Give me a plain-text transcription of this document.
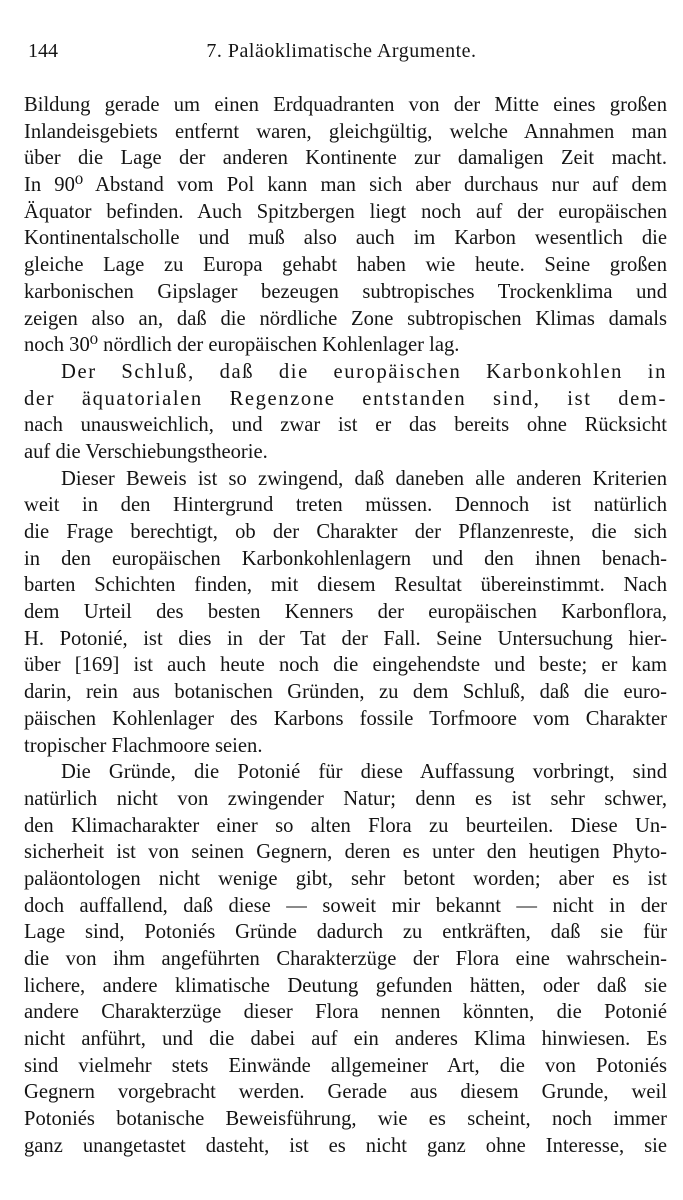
144	7. Paläoklimatische Argumente.
Bildung gerade um einen Erdquadranten von der Mitte eines großen
Inlandeisgebiets entfernt waren, gleichgültig, welche Annahmen man
über die Lage der anderen Kontinente zur damaligen Zeit macht.
In 90⁰ Abstand vom Pol kann man sich aber durchaus nur auf dem
Äquator befinden. Auch Spitzbergen liegt noch auf der europäischen
Kontinentalscholle und muß also auch im Karbon wesentlich die
gleiche Lage zu Europa gehabt haben wie heute. Seine großen
karbonischen Gipslager bezeugen subtropisches Trockenklima und
zeigen also an, daß die nördliche Zone subtropischen Klimas damals
noch 30⁰ nördlich der europäischen Kohlenlager lag.
Der Schluß, daß die europäischen Karbonkohlen in
der äquatorialen Regenzone entstanden sind, ist dem-
nach unausweichlich, und zwar ist er das bereits ohne Rücksicht
auf die Verschiebungstheorie.
Dieser Beweis ist so zwingend, daß daneben alle anderen Kriterien
weit in den Hintergrund treten müssen. Dennoch ist natürlich
die Frage berechtigt, ob der Charakter der Pflanzenreste, die sich
in den europäischen Karbonkohlenlagern und den ihnen benach-
barten Schichten finden, mit diesem Resultat übereinstimmt. Nach
dem Urteil des besten Kenners der europäischen Karbonflora,
H. Potonié, ist dies in der Tat der Fall. Seine Untersuchung hier-
über [169] ist auch heute noch die eingehendste und beste; er kam
darin, rein aus botanischen Gründen, zu dem Schluß, daß die euro-
päischen Kohlenlager des Karbons fossile Torfmoore vom Charakter
tropischer Flachmoore seien.
Die Gründe, die Potonié für diese Auffassung vorbringt, sind
natürlich nicht von zwingender Natur; denn es ist sehr schwer,
den Klimacharakter einer so alten Flora zu beurteilen. Diese Un-
sicherheit ist von seinen Gegnern, deren es unter den heutigen Phyto-
paläontologen nicht wenige gibt, sehr betont worden; aber es ist
doch auffallend, daß diese — soweit mir bekannt — nicht in der
Lage sind, Potoniés Gründe dadurch zu entkräften, daß sie für
die von ihm angeführten Charakterzüge der Flora eine wahrschein-
lichere, andere klimatische Deutung gefunden hätten, oder daß sie
andere Charakterzüge dieser Flora nennen könnten, die Potonié
nicht anführt, und die dabei auf ein anderes Klima hinwiesen. Es
sind vielmehr stets Einwände allgemeiner Art, die von Potoniés
Gegnern vorgebracht werden. Gerade aus diesem Grunde, weil
Potoniés botanische Beweisführung, wie es scheint, noch immer
ganz unangetastet dasteht, ist es nicht ganz ohne Interesse, sie
